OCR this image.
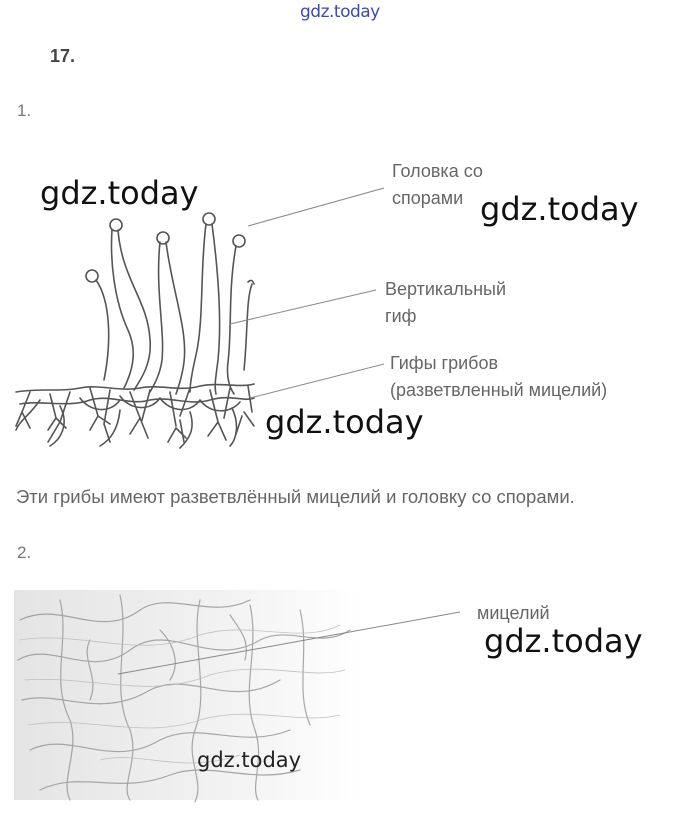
gdz.today
17.
1.
Головка со
спорами
Вертикальный
гиф
Гифы грибов
(разветвленный мицелий)
gdz.today	gdz.today
gdz.today
Эти грибы имеют разветвлённый мицелий и головку со спорами.
2.
мицелий
gdz.today
gdz.today
